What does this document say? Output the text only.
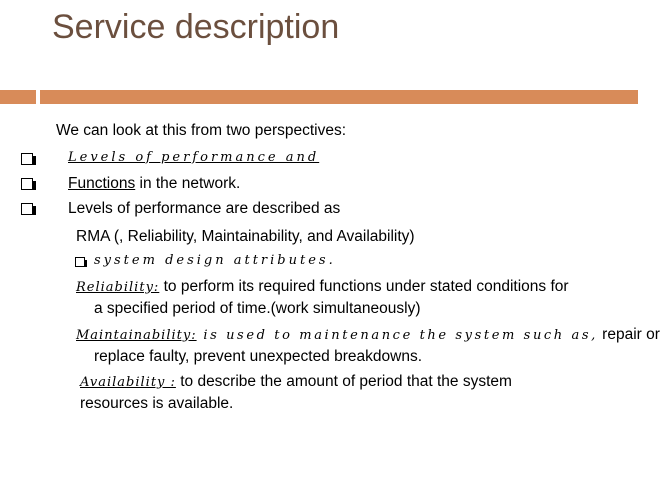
Service description
We can look at this from two perspectives:
Levels of performance and
Functions in the network.
Levels of performance are described as
RMA (, Reliability, Maintainability, and Availability)
system design attributes.
Reliability: to perform its required functions under stated conditions for
a specified period of time.(work simultaneously)
Maintainability: is used to maintenance the system such as, repair or
replace faulty, prevent unexpected breakdowns.
Availability : to describe the amount of period that the system
resources is available.
